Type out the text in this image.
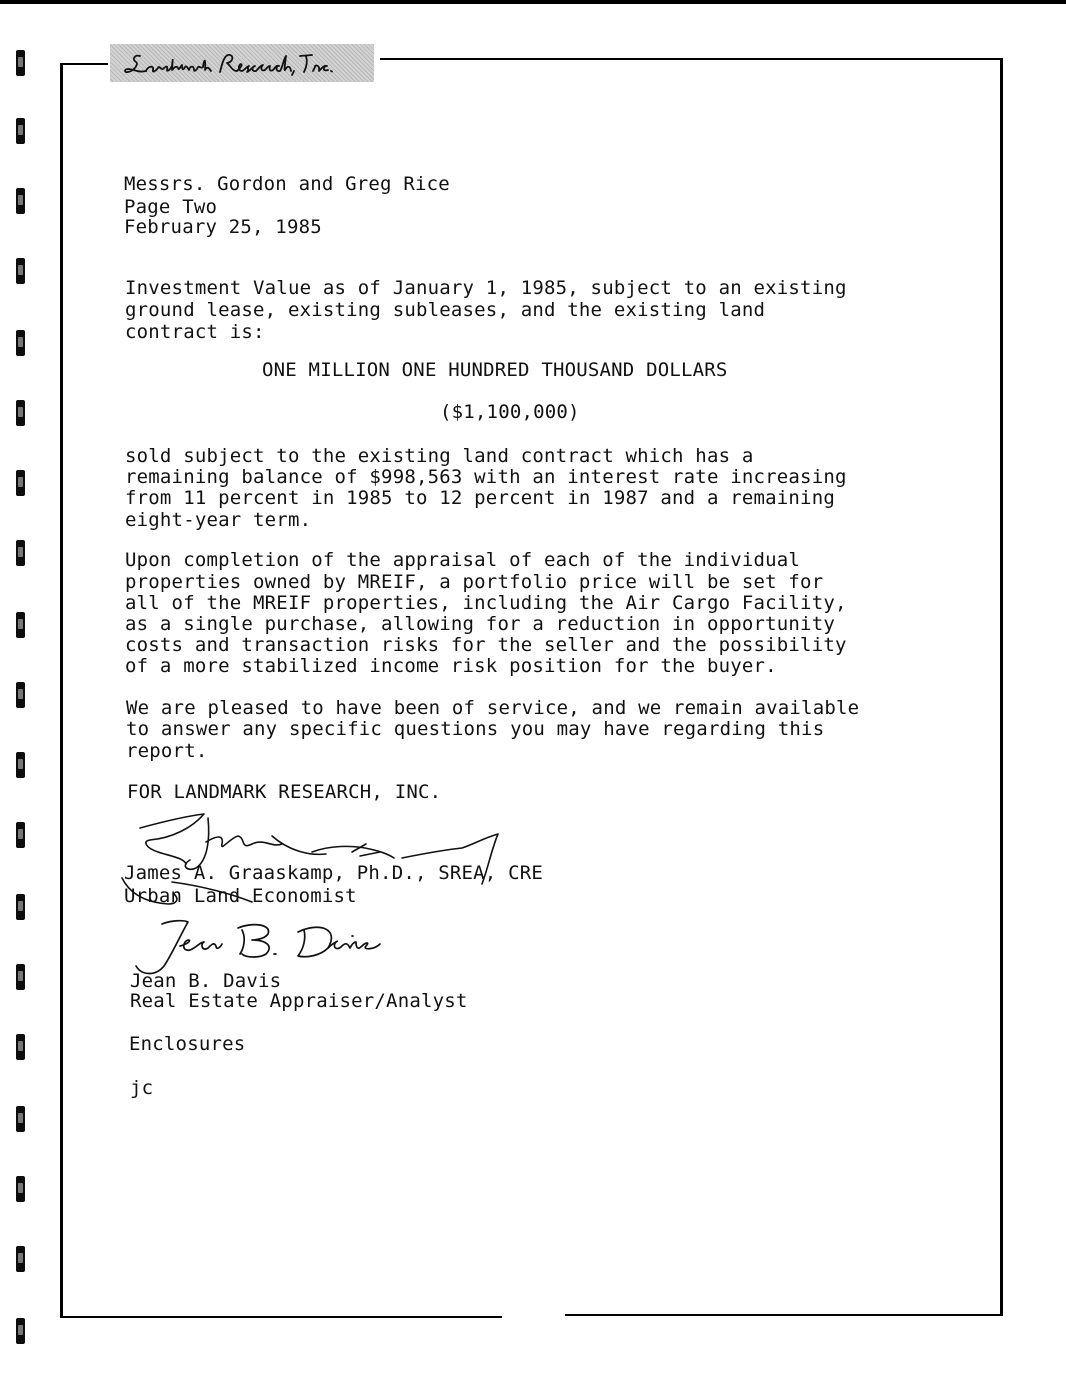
Messrs. Gordon and Greg Rice
Page Two
February 25, 1985
Investment Value as of January 1, 1985, subject to an existing
ground lease, existing subleases, and the existing land
contract is:
ONE MILLION ONE HUNDRED THOUSAND DOLLARS
($1,100,000)
sold subject to the existing land contract which has a
remaining balance of $998,563 with an interest rate increasing
from 11 percent in 1985 to 12 percent in 1987 and a remaining
eight-year term.
Upon completion of the appraisal of each of the individual
properties owned by MREIF, a portfolio price will be set for
all of the MREIF properties, including the Air Cargo Facility,
as a single purchase, allowing for a reduction in opportunity
costs and transaction risks for the seller and the possibility
of a more stabilized income risk position for the buyer.
We are pleased to have been of service, and we remain available
to answer any specific questions you may have regarding this
report.
FOR LANDMARK RESEARCH, INC.
James A. Graaskamp, Ph.D., SREA, CRE
Urban Land Economist
Jean B. Davis
Real Estate Appraiser/Analyst
Enclosures
jc
